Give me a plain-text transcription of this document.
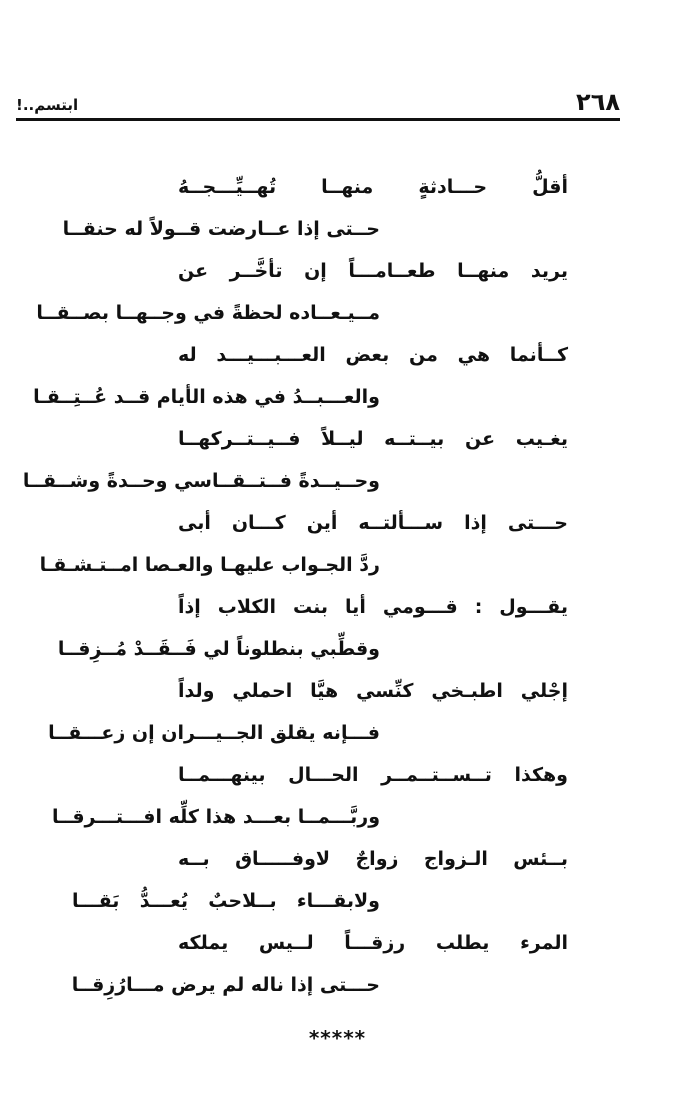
ابتسم..!	٢٦٨
أقلُّ حـــادثةٍ منهــا تُهــيِّـــجــهُ
حــتى إذا عــارضت قــولاً له حنقــا
يريد منهــا طعــامـــاً إن تأخَّــر عن
مــيـعــاده لحظةً في وجــهــا بصــقــا
كــأنما هي من بعض العـــبـــيـــد له
والعـــبــدُ في هذه الأيام قــد عُــتِــقـا
يغـيب عن بيــتــه ليــلاً فــيــتــركهــا
وحــيــدةً فــتــقــاسي وحــدةً وشــقــا
حـــتى إذا ســـألتــه أين كـــان أبى
ردَّ الجـواب عليهـا والعـصا امــتـشـقـا
يقـــول : قـــومي أيا بنت الكلاب إذاً
وقطِّبي بنطلوناً لي فَــقَــدْ مُــزِقــا
إجْلي اطبـخي كنِّسي هيَّا احملي ولداً
فـــإنه يقلق الجــيـــران إن زعـــقــا
وهكذا تــســتــمــر الحـــال بينهـــمــا
وربَّـــمــا بعـــد هذا كلِّه افـــتـــرقــا
بــئس الـزواج زواجٌ لاوفـــــاق بــه
ولابقـــاء بــلاحبٌ يُعـــدُّ بَقـــا
المرء يطلب رزقـــاً لــيس يملكه
حـــتى إذا ناله لم يرض مـــارُزِقــا
*****
